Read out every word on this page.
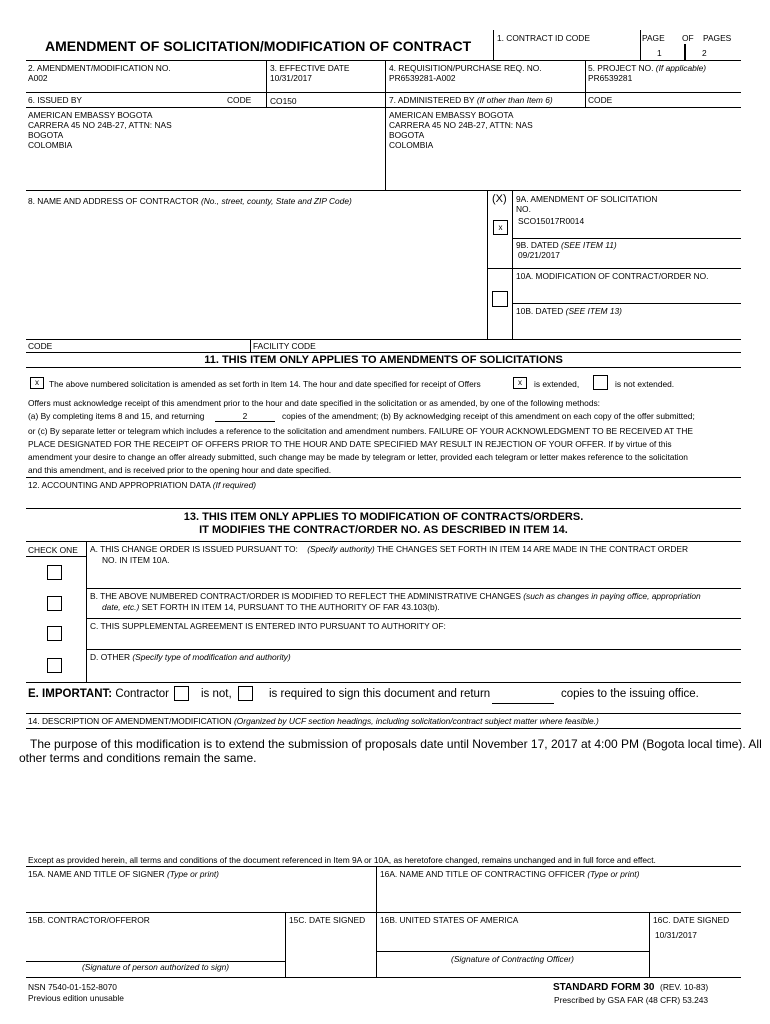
AMENDMENT OF SOLICITATION/MODIFICATION OF CONTRACT	1. CONTRACT ID CODE	PAGE OF PAGES
1	2
2. AMENDMENT/MODIFICATION NO.
A002
3. EFFECTIVE DATE
10/31/2017
4. REQUISITION/PURCHASE REQ. NO.
PR6539281-A002
5. PROJECT NO. (If applicable)
PR6539281
6. ISSUED BY	CODE CO150	7. ADMINISTERED BY (If other than Item 6)	CODE
AMERICAN EMBASSY BOGOTA
CARRERA 45 NO 24B-27, ATTN: NAS
BOGOTA
COLOMBIA
AMERICAN EMBASSY BOGOTA
CARRERA 45 NO 24B-27, ATTN: NAS
BOGOTA
COLOMBIA
8. NAME AND ADDRESS OF CONTRACTOR (No., street, county, State and ZIP Code)	(X) 9A. AMENDMENT OF SOLICITATION
NO.
SCO15017R0014
x
9B. DATED (SEE ITEM 11)
09/21/2017
10A. MODIFICATION OF CONTRACT/ORDER NO.
10B. DATED (SEE ITEM 13)
CODE	FACILITY CODE
11. THIS ITEM ONLY APPLIES TO AMENDMENTS OF SOLICITATIONS
x	The above numbered solicitation is amended as set forth in Item 14. The hour and date specified for receipt of Offers	x	is extended,	is not extended.
Offers must acknowledge receipt of this amendment prior to the hour and date specified in the solicitation or as amended, by one of the following methods:
(a) By completing items 8 and 15, and returning	2	copies of the amendment; (b) By acknowledging receipt of this amendment on each copy of the offer submitted;
or (c) By separate letter or telegram which includes a reference to the solicitation and amendment numbers. FAILURE OF YOUR ACKNOWLEDGMENT TO BE RECEIVED AT THE
PLACE DESIGNATED FOR THE RECEIPT OF OFFERS PRIOR TO THE HOUR AND DATE SPECIFIED MAY RESULT IN REJECTION OF YOUR OFFER. If by virtue of this
amendment your desire to change an offer already submitted, such change may be made by telegram or letter, provided each telegram or letter makes reference to the solicitation
and this amendment, and is received prior to the opening hour and date specified.
12. ACCOUNTING AND APPROPRIATION DATA (If required)
13. THIS ITEM ONLY APPLIES TO MODIFICATION OF CONTRACTS/ORDERS.
IT MODIFIES THE CONTRACT/ORDER NO. AS DESCRIBED IN ITEM 14.
CHECK ONE A. THIS CHANGE ORDER IS ISSUED PURSUANT TO: (Specify authority) THE CHANGES SET FORTH IN ITEM 14 ARE MADE IN THE CONTRACT ORDER
NO. IN ITEM 10A.
B. THE ABOVE NUMBERED CONTRACT/ORDER IS MODIFIED TO REFLECT THE ADMINISTRATIVE CHANGES (such as changes in paying office, appropriation
date, etc.) SET FORTH IN ITEM 14, PURSUANT TO THE AUTHORITY OF FAR 43.103(b).
C. THIS SUPPLEMENTAL AGREEMENT IS ENTERED INTO PURSUANT TO AUTHORITY OF:
D. OTHER (Specify type of modification and authority)
E. IMPORTANT: Contractor	is not,	is required to sign this document and return	copies to the issuing office.
14. DESCRIPTION OF AMENDMENT/MODIFICATION (Organized by UCF section headings, including solicitation/contract subject matter where feasible.)
The purpose of this modification is to extend the submission of proposals date until November 17, 2017 at 4:00 PM (Bogota local time). All
other terms and conditions remain the same.
Except as provided herein, all terms and conditions of the document referenced in Item 9A or 10A, as heretofore changed, remains unchanged and in full force and effect.
15A. NAME AND TITLE OF SIGNER (Type or print)	16A. NAME AND TITLE OF CONTRACTING OFFICER (Type or print)
15B. CONTRACTOR/OFFEROR	15C. DATE SIGNED 16B. UNITED STATES OF AMERICA	16C. DATE SIGNED
10/31/2017
(Signature of person authorized to sign)
(Signature of Contracting Officer)
NSN 7540-01-152-8070
Previous edition unusable
STANDARD FORM 30 (REV. 10-83)
Prescribed by GSA FAR (48 CFR) 53.243
